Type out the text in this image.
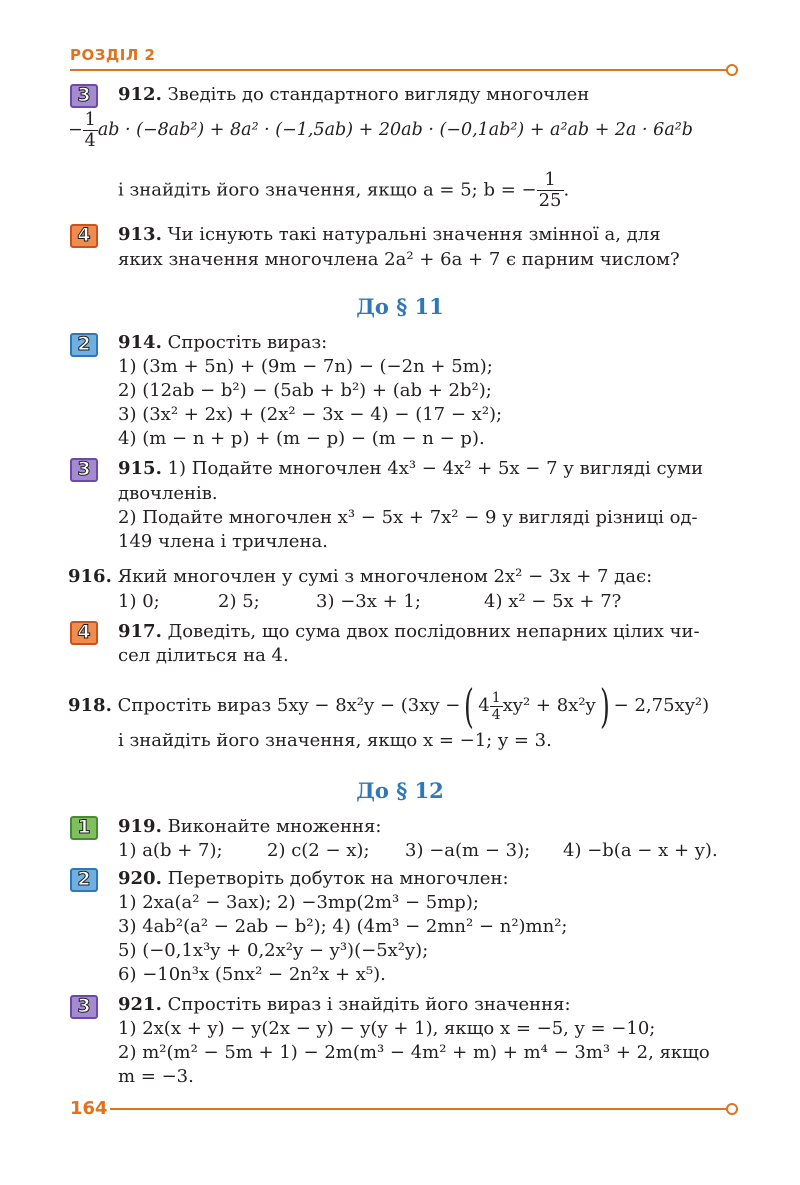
РОЗДІЛ 2
3	912. Зведіть до стандартного вигляду многочлен
− $\frac{1}{4}$ ab · (−8ab²) + 8a² · (−1,5ab) + 20ab · (−0,1ab²) + a²ab + 2a · 6a²b
і знайдіть його значення, якщо a = 5; b = − $\frac{1}{25}$ .
4	913. Чи існують такі натуральні значення змінної a, для
яких значення многочлена 2a² + 6a + 7 є парним числом?
До § 11
2	914. Спростіть вираз:
1) (3m + 5n) + (9m − 7n) − (−2n + 5m);
2) (12ab − b²) − (5ab + b²) + (ab + 2b²);
3) (3x² + 2x) + (2x² − 3x − 4) − (17 − x²);
4) (m − n + p) + (m − p) − (m − n − p).
3	915. 1) Подайте многочлен 4x³ − 4x² + 5x − 7 у вигляді суми
двочленів.
2) Подайте многочлен x³ − 5x + 7x² − 9 у вигляді різниці од-
149 члена і тричлена.
916. Який многочлен у сумі з многочленом 2x² − 3x + 7 дає:
1) 0;	2) 5;	3) −3x + 1;	4) x² − 5x + 7?
4	917. Доведіть, що сума двох послідовних непарних цілих чи-
сел ділиться на 4.
918. Спростіть вираз 5xy − 8x²y − (3xy −( $4 \frac{1}{4} xy^2 + 8x^2y) - 2,75xy^2$)
і знайдіть його значення, якщо x = −1; y = 3.
До § 12
1	919. Виконайте множення:
1) a(b + 7); 2) c(2 − x); 3) −a(m − 3); 4) −b(a − x + y).
2	920. Перетворіть добуток на многочлен:
1) 2xa(a² − 3ax); 2) −3mp(2m³ − 5mp);
3) 4ab²(a² − 2ab − b²); 4) (4m³ − 2mn² − n²)mn²;
5) (−0,1x³y + 0,2x²y − y³)(−5x²y);
6) −10n³x (5nx² − 2n²x + x⁵).
3	921. Спростіть вираз і знайдіть його значення:
1) 2x(x + y) − y(2x − y) − y(y + 1), якщо x = −5, y = −10;
2) m²(m² − 5m + 1) − 2m(m³ − 4m² + m) + m⁴ − 3m³ + 2, якщо
m = −3.
164
